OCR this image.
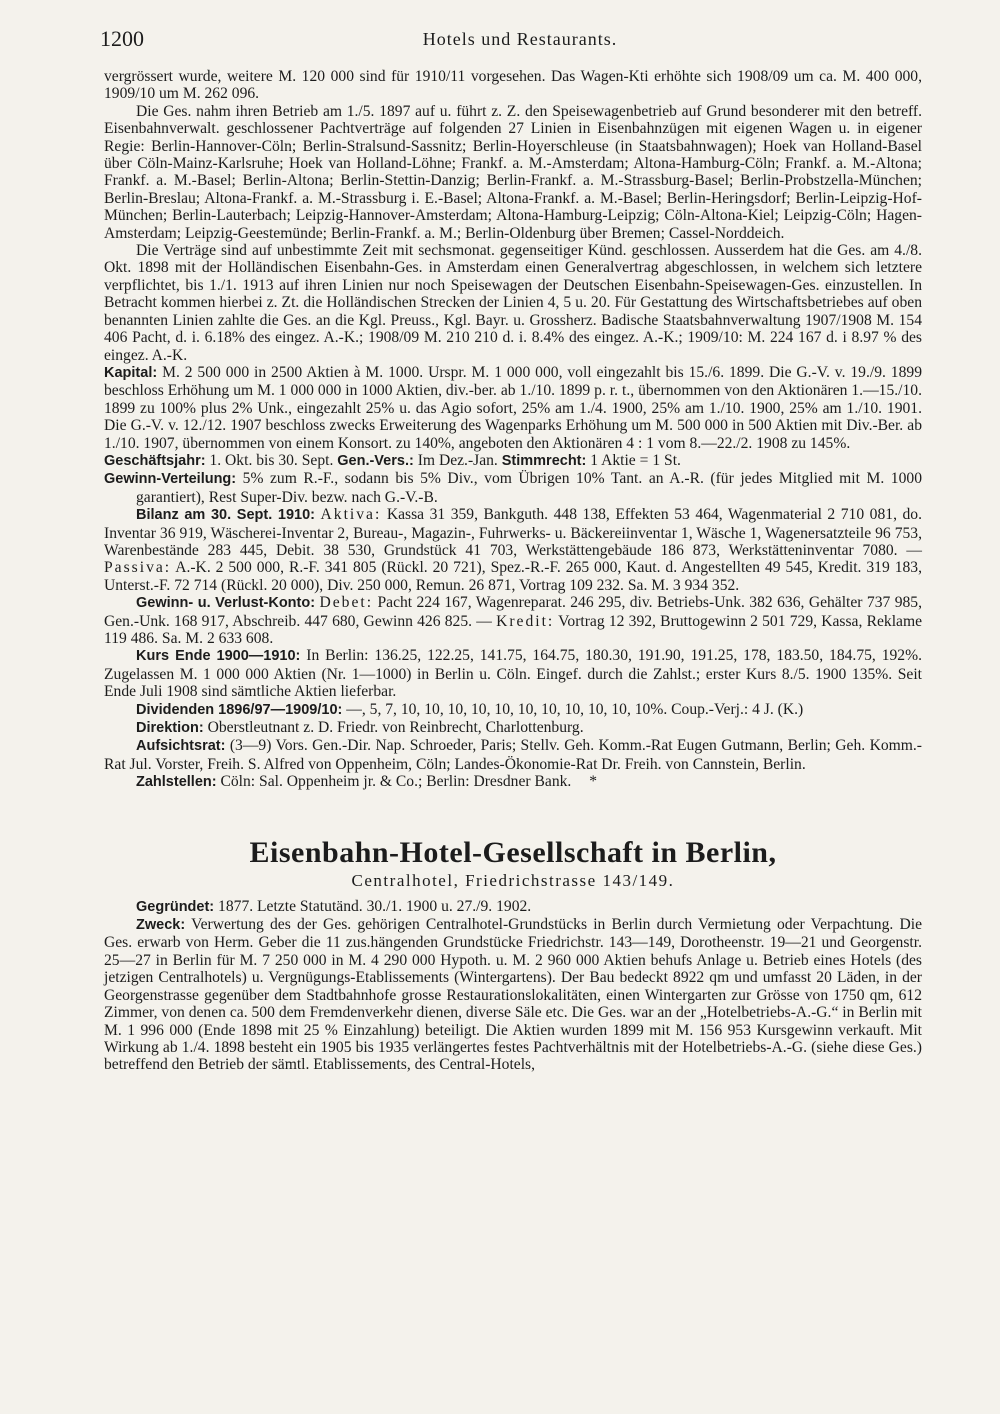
Hotels und Restaurants.
1200

vergrössert wurde, weitere M. 120 000 sind für 1910/11 vorgesehen. Das Wagen-Kti erhöhte sich 1908/09 um ca. M. 400 000, 1909/10 um M. 262 096.

Die Ges. nahm ihren Betrieb am 1./5. 1897 auf u. führt z. Z. den Speisewagenbetrieb auf Grund besonderer mit den betreff. Eisenbahnverwalt. geschlossener Pachtverträge auf folgenden 27 Linien in Eisenbahnzügen mit eigenen Wagen u. in eigener Regie: Berlin-Hannover-Cöln; Berlin-Stralsund-Sassnitz; Berlin-Hoyerschleuse (in Staatsbahnwagen); Hoek van Holland-Basel über Cöln-Mainz-Karlsruhe; Hoek van Holland-Löhne; Frankf. a. M.-Amsterdam; Altona-Hamburg-Cöln; Frankf. a. M.-Altona; Frankf. a. M.-Basel; Berlin-Altona; Berlin-Stettin-Danzig; Berlin-Frankf. a. M.-Strassburg-Basel; Berlin-Probstzella-München; Berlin-Breslau; Altona-Frankf. a. M.-Strassburg i. E.-Basel; Altona-Frankf. a. M.-Basel; Berlin-Heringsdorf; Berlin-Leipzig-Hof-München; Berlin-Lauterbach; Leipzig-Hannover-Amsterdam; Altona-Hamburg-Leipzig; Cöln-Altona-Kiel; Leipzig-Cöln; Hagen-Amsterdam; Leipzig-Geestemünde; Berlin-Frankf. a. M.; Berlin-Oldenburg über Bremen; Cassel-Norddeich.

Die Verträge sind auf unbestimmte Zeit mit sechsmonat. gegenseitiger Künd. geschlossen. Ausserdem hat die Ges. am 4./8. Okt. 1898 mit der Holländischen Eisenbahn-Ges. in Amsterdam einen Generalvertrag abgeschlossen, in welchem sich letztere verpflichtet, bis 1./1. 1913 auf ihren Linien nur noch Speisewagen der Deutschen Eisenbahn-Speisewagen-Ges. einzustellen. In Betracht kommen hierbei z. Zt. die Holländischen Strecken der Linien 4, 5 u. 20. Für Gestattung des Wirtschaftsbetriebes auf oben benannten Linien zahlte die Ges. an die Kgl. Preuss., Kgl. Bayr. u. Grossherz. Badische Staatsbahnverwaltung 1907/1908 M. 154 406 Pacht, d. i. 6.18% des eingez. A.-K.; 1908/09 M. 210 210 d. i. 8.4% des eingez. A.-K.; 1909/10: M. 224 167 d. i 8.97 % des eingez. A.-K.

Kapital: M. 2 500 000 in 2500 Aktien à M. 1000. Urspr. M. 1 000 000, voll eingezahlt bis 15./6. 1899. Die G.-V. v. 19./9. 1899 beschloss Erhöhung um M. 1 000 000 in 1000 Aktien, div.-ber. ab 1./10. 1899 p. r. t., übernommen von den Aktionären 1.—15./10. 1899 zu 100% plus 2% Unk., eingezahlt 25% u. das Agio sofort, 25% am 1./4. 1900, 25% am 1./10. 1900, 25% am 1./10. 1901. Die G.-V. v. 12./12. 1907 beschloss zwecks Erweiterung des Wagenparks Erhöhung um M. 500 000 in 500 Aktien mit Div.-Ber. ab 1./10. 1907, übernommen von einem Konsort. zu 140%, angeboten den Aktionären 4 : 1 vom 8.—22./2. 1908 zu 145%.

Geschäftsjahr: 1. Okt. bis 30. Sept. Gen.-Vers.: Im Dez.-Jan. Stimmrecht: 1 Aktie = 1 St.

Gewinn-Verteilung: 5% zum R.-F., sodann bis 5% Div., vom Übrigen 10% Tant. an A.-R. (für jedes Mitglied mit M. 1000 garantiert), Rest Super-Div. bezw. nach G.-V.-B.

Bilanz am 30. Sept. 1910: Aktiva: Kassa 31 359, Bankguth. 448 138, Effekten 53 464, Wagenmaterial 2 710 081, do. Inventar 36 919, Wäscherei-Inventar 2, Bureau-, Magazin-, Fuhrwerks- u. Bäckereiinventar 1, Wäsche 1, Wagenersatzteile 96 753, Warenbestände 283 445, Debit. 38 530, Grundstück 41 703, Werkstättengebäude 186 873, Werkstätteninventar 7080. — Passiva: A.-K. 2 500 000, R.-F. 341 805 (Rückl. 20 721), Spez.-R.-F. 265 000, Kaut. d. Angestellten 49 545, Kredit. 319 183, Unterst.-F. 72 714 (Rückl. 20 000), Div. 250 000, Remun. 26 871, Vortrag 109 232. Sa. M. 3 934 352.

Gewinn- u. Verlust-Konto: Debet: Pacht 224 167, Wagenreparat. 246 295, div. Betriebs-Unk. 382 636, Gehälter 737 985, Gen.-Unk. 168 917, Abschreib. 447 680, Gewinn 426 825. — Kredit: Vortrag 12 392, Bruttogewinn 2 501 729, Kassa, Reklame 119 486. Sa. M. 2 633 608.

Kurs Ende 1900—1910: In Berlin: 136.25, 122.25, 141.75, 164.75, 180.30, 191.90, 191.25, 178, 183.50, 184.75, 192%. Zugelassen M. 1 000 000 Aktien (Nr. 1—1000) in Berlin u. Cöln. Eingef. durch die Zahlst.; erster Kurs 8./5. 1900 135%. Seit Ende Juli 1908 sind sämtliche Aktien lieferbar.

Dividenden 1896/97—1909/10: —, 5, 7, 10, 10, 10, 10, 10, 10, 10, 10, 10, 10, 10%. Coup.-Verj.: 4 J. (K.)

Direktion: Oberstleutnant z. D. Friedr. von Reinbrecht, Charlottenburg.

Aufsichtsrat: (3—9) Vors. Gen.-Dir. Nap. Schroeder, Paris; Stellv. Geh. Komm.-Rat Eugen Gutmann, Berlin; Geh. Komm.-Rat Jul. Vorster, Freih. S. Alfred von Oppenheim, Cöln; Landes-Ökonomie-Rat Dr. Freih. von Cannstein, Berlin.

Zahlstellen: Cöln: Sal. Oppenheim jr. & Co.; Berlin: Dresdner Bank. *

Eisenbahn-Hotel-Gesellschaft in Berlin,
Centralhotel, Friedrichstrasse 143/149.

Gegründet: 1877. Letzte Statutänd. 30./1. 1900 u. 27./9. 1902.

Zweck: Verwertung des der Ges. gehörigen Centralhotel-Grundstücks in Berlin durch Vermietung oder Verpachtung. Die Ges. erwarb von Herm. Geber die 11 zus.hängenden Grundstücke Friedrichstr. 143—149, Dorotheenstr. 19—21 und Georgenstr. 25—27 in Berlin für M. 7 250 000 in M. 4 290 000 Hypoth. u. M. 2 960 000 Aktien behufs Anlage u. Betrieb eines Hotels (des jetzigen Centralhotels) u. Vergnügungs-Etablissements (Wintergartens). Der Bau bedeckt 8922 qm und umfasst 20 Läden, in der Georgenstrasse gegenüber dem Stadtbahnhofe grosse Restaurationslokalitäten, einen Wintergarten zur Grösse von 1750 qm, 612 Zimmer, von denen ca. 500 dem Fremdenverkehr dienen, diverse Säle etc. Die Ges. war an der „Hotelbetriebs-A.-G.“ in Berlin mit M. 1 996 000 (Ende 1898 mit 25 % Einzahlung) beteiligt. Die Aktien wurden 1899 mit M. 156 953 Kursgewinn verkauft. Mit Wirkung ab 1./4. 1898 besteht ein 1905 bis 1935 verlängertes festes Pachtverhältnis mit der Hotelbetriebs-A.-G. (siehe diese Ges.) betreffend den Betrieb der sämtl. Etablissements, des Central-Hotels,
